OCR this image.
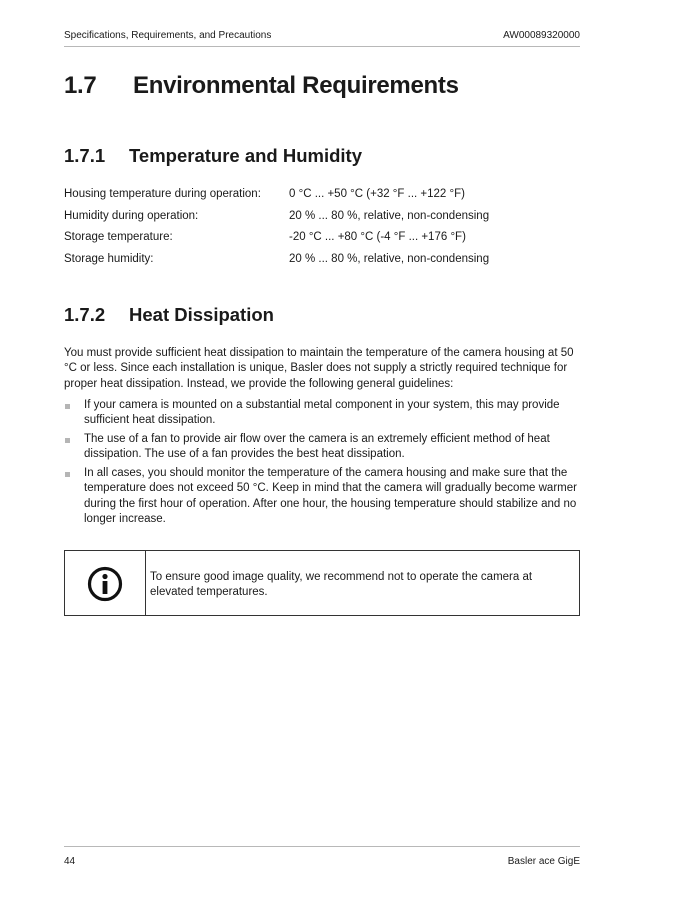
Specifications, Requirements, and Precautions	AW00089320000
1.7 Environmental Requirements
1.7.1 Temperature and Humidity
Housing temperature during operation: 0 °C ... +50 °C (+32 °F ... +122 °F)
Humidity during operation:	20 % ... 80 %, relative, non-condensing
Storage temperature:	-20 °C ... +80 °C (-4 °F ... +176 °F)
Storage humidity:	20 % ... 80 %, relative, non-condensing
1.7.2 Heat Dissipation
You must provide sufficient heat dissipation to maintain the temperature of the camera housing at 50 °C or less. Since each installation is unique, Basler does not supply a strictly required technique for proper heat dissipation. Instead, we provide the following general guidelines:
If your camera is mounted on a substantial metal component in your system, this may provide sufficient heat dissipation.
The use of a fan to provide air flow over the camera is an extremely efficient method of heat dissipation. The use of a fan provides the best heat dissipation.
In all cases, you should monitor the temperature of the camera housing and make sure that the temperature does not exceed 50 °C. Keep in mind that the camera will gradually become warmer during the first hour of operation. After one hour, the housing temperature should stabilize and no longer increase.
To ensure good image quality, we recommend not to operate the camera at elevated temperatures.
44	Basler ace GigE
